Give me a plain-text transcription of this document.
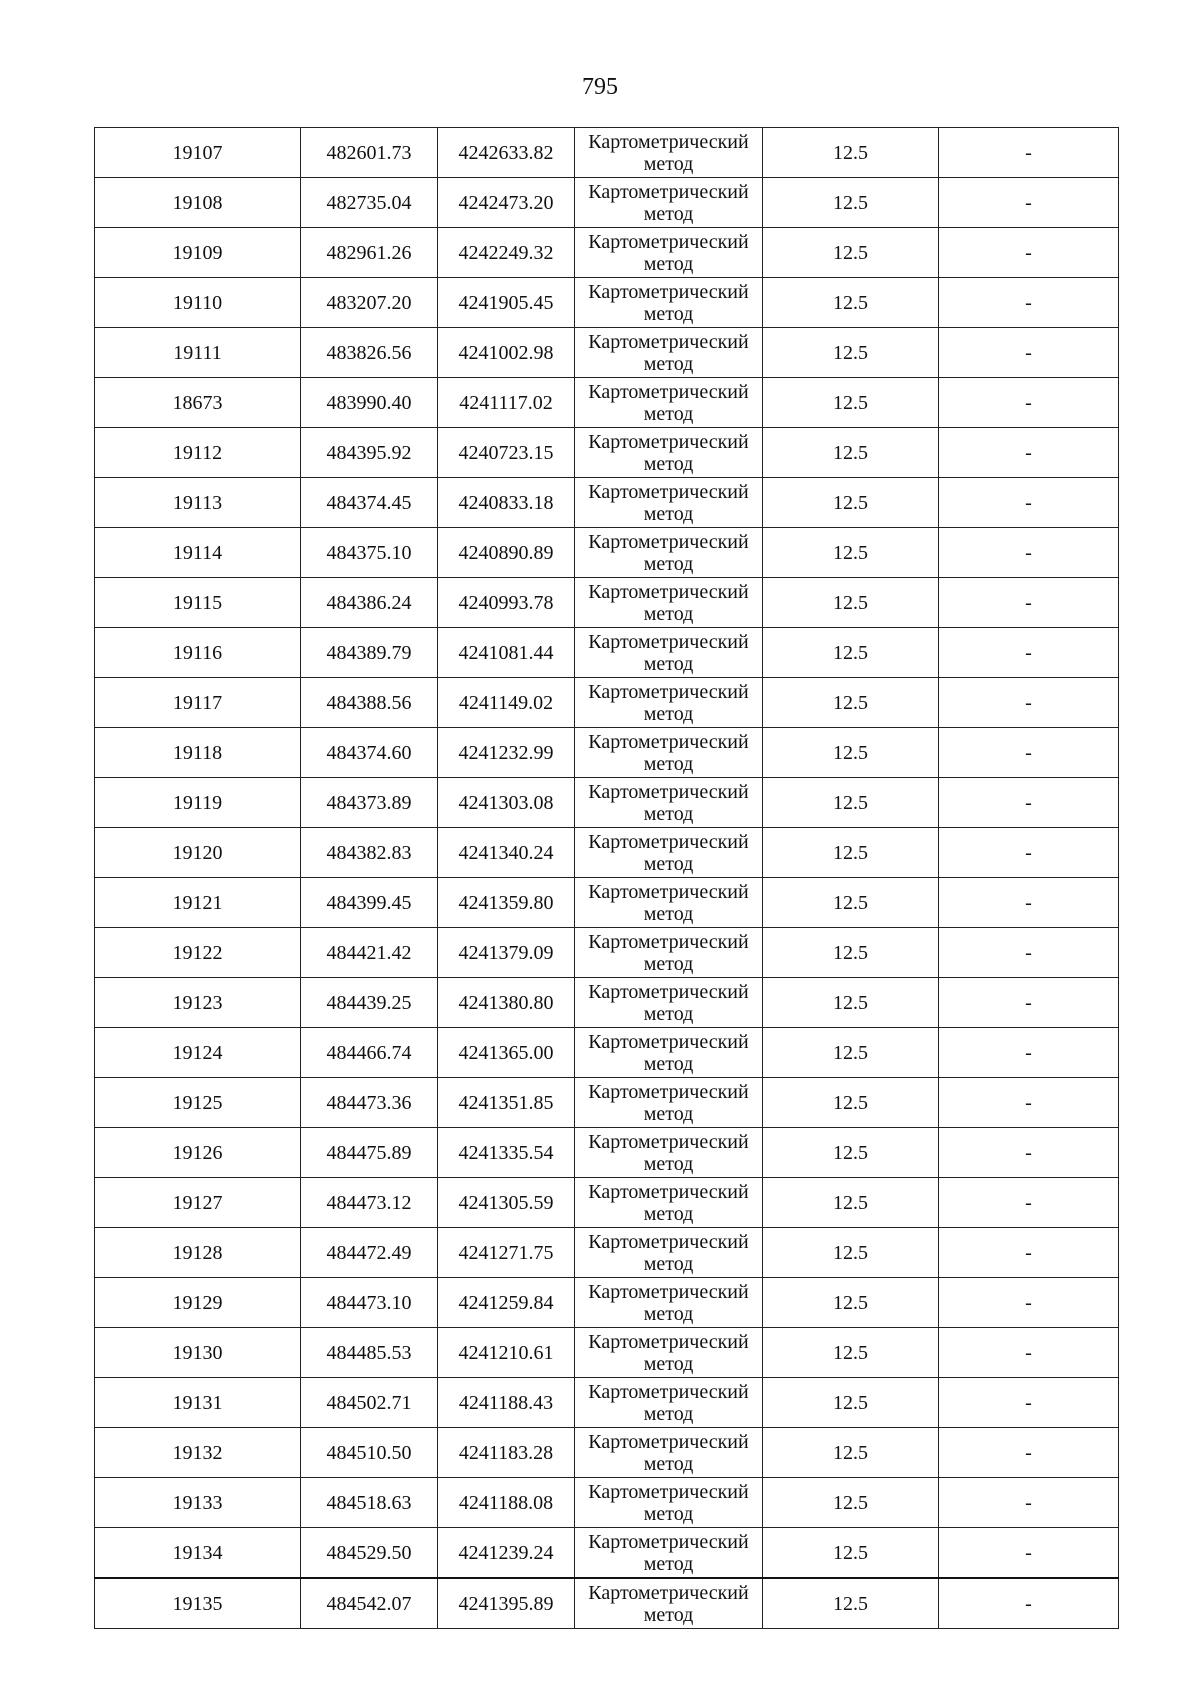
795
19107	482601.73	4242633.82	Картометрический
метод	12.5	-
19108	482735.04	4242473.20	Картометрический
метод	12.5	-
19109	482961.26	4242249.32	Картометрический
метод	12.5	-
19110	483207.20	4241905.45	Картометрический
метод	12.5	-
19111	483826.56	4241002.98	Картометрический
метод	12.5	-
18673	483990.40	4241117.02	Картометрический
метод	12.5	-
19112	484395.92	4240723.15	Картометрический
метод	12.5	-
19113	484374.45	4240833.18	Картометрический
метод	12.5	-
19114	484375.10	4240890.89	Картометрический
метод	12.5	-
19115	484386.24	4240993.78	Картометрический
метод	12.5	-
19116	484389.79	4241081.44	Картометрический
метод	12.5	-
19117	484388.56	4241149.02	Картометрический
метод	12.5	-
19118	484374.60	4241232.99	Картометрический
метод	12.5	-
19119	484373.89	4241303.08	Картометрический
метод	12.5	-
19120	484382.83	4241340.24	Картометрический
метод	12.5	-
19121	484399.45	4241359.80	Картометрический
метод	12.5	-
19122	484421.42	4241379.09	Картометрический
метод	12.5	-
19123	484439.25	4241380.80	Картометрический
метод	12.5	-
19124	484466.74	4241365.00	Картометрический
метод	12.5	-
19125	484473.36	4241351.85	Картометрический
метод	12.5	-
19126	484475.89	4241335.54	Картометрический
метод	12.5	-
19127	484473.12	4241305.59	Картометрический
метод	12.5	-
19128	484472.49	4241271.75	Картометрический
метод	12.5	-
19129	484473.10	4241259.84	Картометрический
метод	12.5	-
19130	484485.53	4241210.61	Картометрический
метод	12.5	-
19131	484502.71	4241188.43	Картометрический
метод	12.5	-
19132	484510.50	4241183.28	Картометрический
метод	12.5	-
19133	484518.63	4241188.08	Картометрический
метод	12.5	-
19134	484529.50	4241239.24	Картометрический
метод	12.5	-
19135	484542.07	4241395.89	Картометрический
метод	12.5	-
